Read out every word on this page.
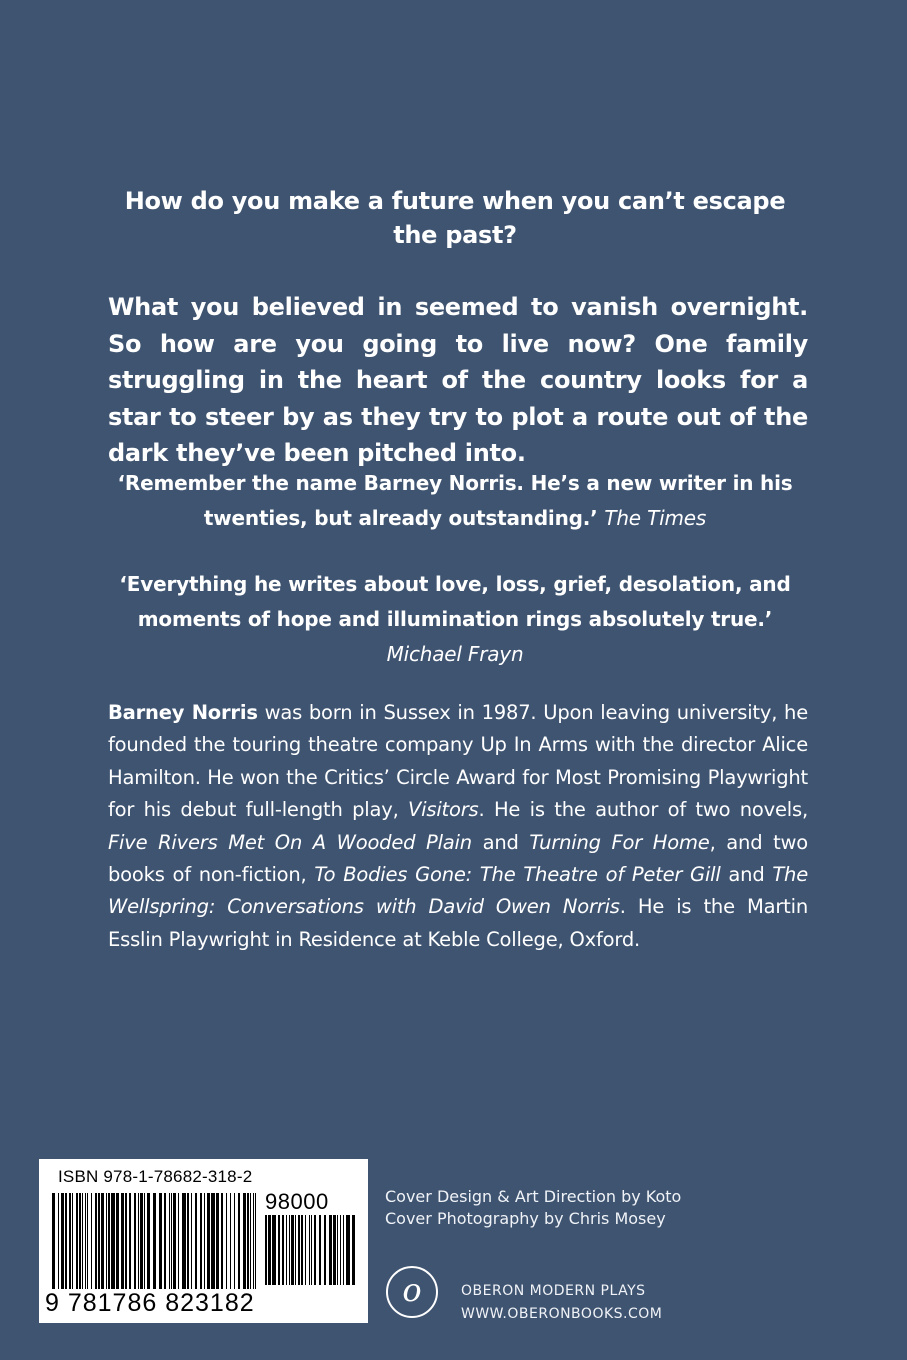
How do you make a future when you can’t escape the past?
What you believed in seemed to vanish overnight. So how are you going to live now? One family struggling in the heart of the country looks for a star to steer by as they try to plot a route out of the dark they’ve been pitched into.
‘Remember the name Barney Norris. He’s a new writer in his twenties, but already outstanding.’ The Times
‘Everything he writes about love, loss, grief, desolation, and moments of hope and illumination rings absolutely true.’ Michael Frayn
Barney Norris was born in Sussex in 1987. Upon leaving university, he founded the touring theatre company Up In Arms with the director Alice Hamilton. He won the Critics’ Circle Award for Most Promising Playwright for his debut full-length play, Visitors. He is the author of two novels, Five Rivers Met On A Wooded Plain and Turning For Home, and two books of non-fiction, To Bodies Gone: The Theatre of Peter Gill and The Wellspring: Conversations with David Owen Norris. He is the Martin Esslin Playwright in Residence at Keble College, Oxford.
ISBN 978-1-78682-318-2
98000
9 781786 823182
Cover Design & Art Direction by Koto
Cover Photography by Chris Mosey
o	OBERON MODERN PLAYS
WWW.OBERONBOOKS.COM
